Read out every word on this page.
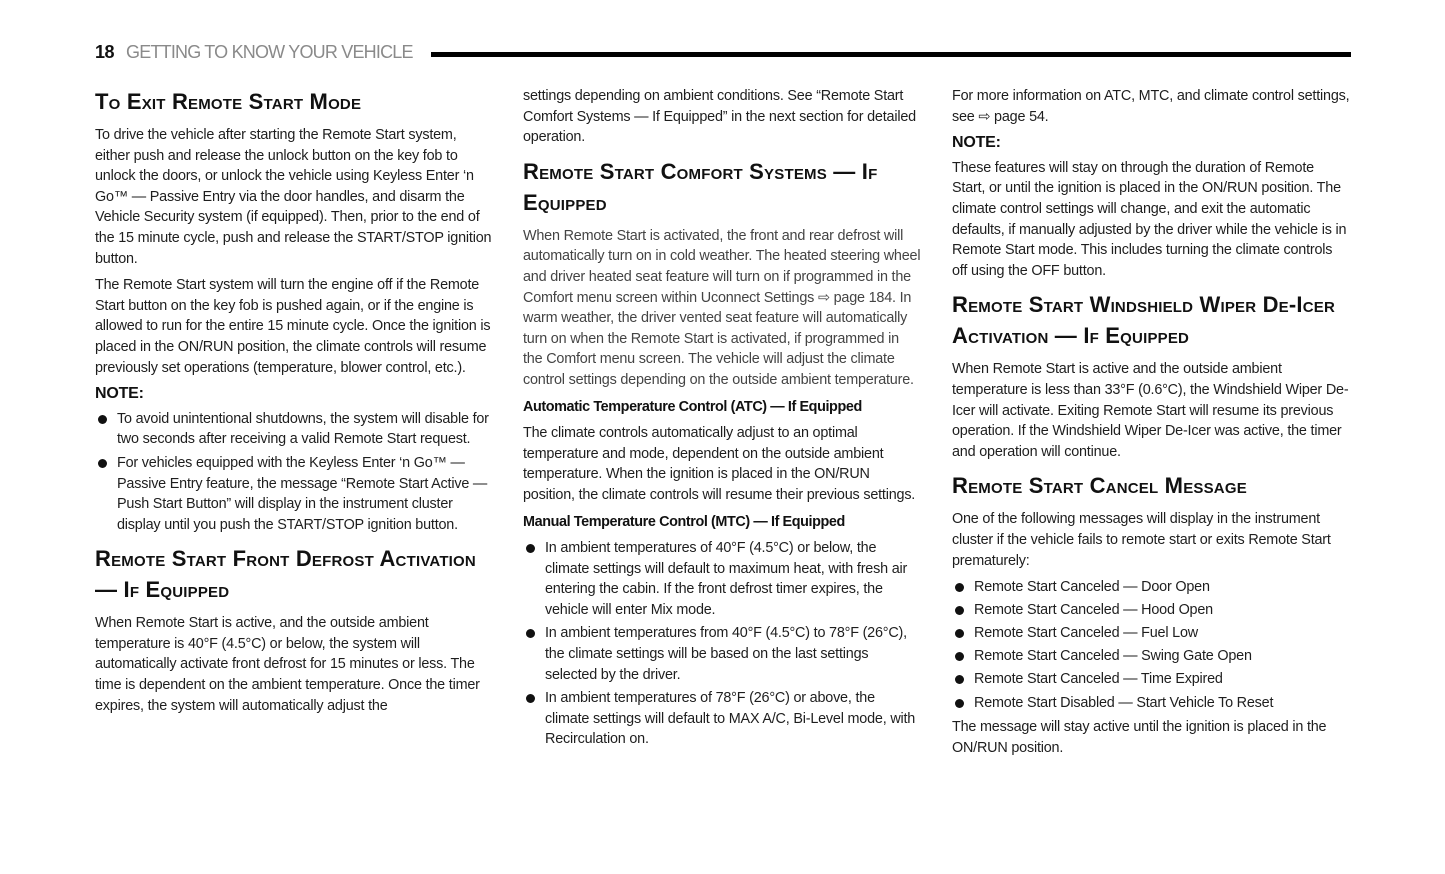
18 GETTING TO KNOW YOUR VEHICLE
To Exit Remote Start Mode

To drive the vehicle after starting the Remote Start system, either push and release the unlock button on the key fob to unlock the doors, or unlock the vehicle using Keyless Enter ‘n Go™ — Passive Entry via the door handles, and disarm the Vehicle Security system (if equipped). Then, prior to the end of the 15 minute cycle, push and release the START/STOP ignition button.

The Remote Start system will turn the engine off if the Remote Start button on the key fob is pushed again, or if the engine is allowed to run for the entire 15 minute cycle. Once the ignition is placed in the ON/RUN position, the climate controls will resume previously set operations (temperature, blower control, etc.).

NOTE:
To avoid unintentional shutdowns, the system will disable for two seconds after receiving a valid Remote Start request.
For vehicles equipped with the Keyless Enter ‘n Go™ — Passive Entry feature, the message “Remote Start Active — Push Start Button” will display in the instrument cluster display until you push the START/STOP ignition button.
Remote Start Front Defrost Activation — If Equipped

When Remote Start is active, and the outside ambient temperature is 40°F (4.5°C) or below, the system will automatically activate front defrost for 15 minutes or less. The time is dependent on the ambient temperature. Once the timer expires, the system will automatically adjust the

settings depending on ambient conditions. See “Remote Start Comfort Systems — If Equipped” in the next section for detailed operation.

Remote Start Comfort Systems — If Equipped

When Remote Start is activated, the front and rear defrost will automatically turn on in cold weather. The heated steering wheel and driver heated seat feature will turn on if programmed in the Comfort menu screen within Uconnect Settings ⇨ page 184. In warm weather, the driver vented seat feature will automatically turn on when the Remote Start is activated, if programmed in the Comfort menu screen. The vehicle will adjust the climate control settings depending on the outside ambient temperature.

Automatic Temperature Control (ATC) — If Equipped

The climate controls automatically adjust to an optimal temperature and mode, dependent on the outside ambient temperature. When the ignition is placed in the ON/RUN position, the climate controls will resume their previous settings.

Manual Temperature Control (MTC) — If Equipped
In ambient temperatures of 40°F (4.5°C) or below, the climate settings will default to maximum heat, with fresh air entering the cabin. If the front defrost timer expires, the vehicle will enter Mix mode.
In ambient temperatures from 40°F (4.5°C) to 78°F (26°C), the climate settings will be based on the last settings selected by the driver.
In ambient temperatures of 78°F (26°C) or above, the climate settings will default to MAX A/C, Bi-Level mode, with Recirculation on.

For more information on ATC, MTC, and climate control settings, see ⇨ page 54.

NOTE:

These features will stay on through the duration of Remote Start, or until the ignition is placed in the ON/RUN position. The climate control settings will change, and exit the automatic defaults, if manually adjusted by the driver while the vehicle is in Remote Start mode. This includes turning the climate controls off using the OFF button.

Remote Start Windshield Wiper De-Icer Activation — If Equipped

When Remote Start is active and the outside ambient temperature is less than 33°F (0.6°C), the Windshield Wiper De-Icer will activate. Exiting Remote Start will resume its previous operation. If the Windshield Wiper De-Icer was active, the timer and operation will continue.

Remote Start Cancel Message

One of the following messages will display in the instrument cluster if the vehicle fails to remote start or exits Remote Start prematurely:

Remote Start Canceled — Door Open
Remote Start Canceled — Hood Open
Remote Start Canceled — Fuel Low
Remote Start Canceled — Swing Gate Open
Remote Start Canceled — Time Expired
Remote Start Disabled — Start Vehicle To Reset

The message will stay active until the ignition is placed in the ON/RUN position.
